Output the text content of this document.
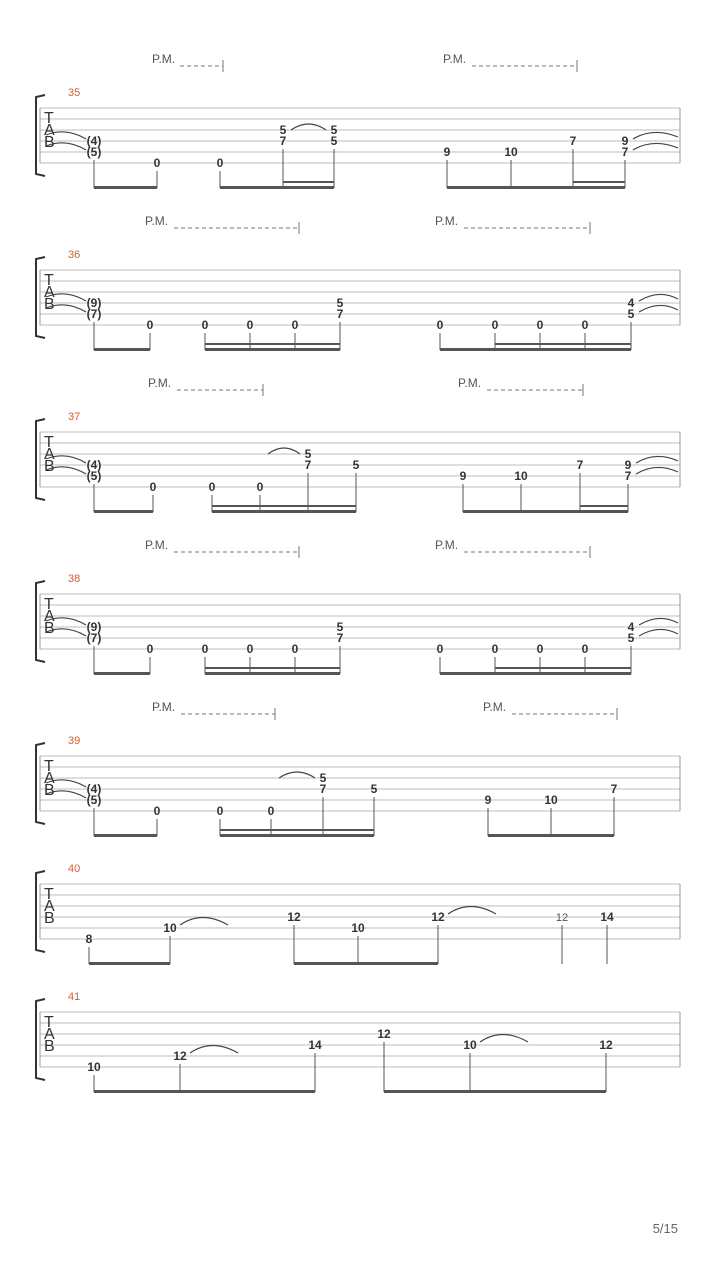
T
A
B
35
P.M.	P.M.
(4)
(5)
0	0
5
7
5
5
9	10
7	9
7
T
A
B
36
P.M.	P.M.
(9)
(7)
0	0	0	0
5
7
0	0	0	0
4
5
T
A
B
37
P.M.	P.M.
(4)
(5)
0	0	0
5
7	5
9	10
7	9
7
T
A
B
38
P.M.	P.M.
(9)
(7)
0	0	0	0
5
7
0	0	0	0
4
5
T
A
B
39
P.M.	P.M.
(4)
(5)
0	0	0
5
7	5
9	10
7
T
A
B
40
8
10
12
10
12	12	14
T
A
B
41
10
12
14
12
10	12
5/15
